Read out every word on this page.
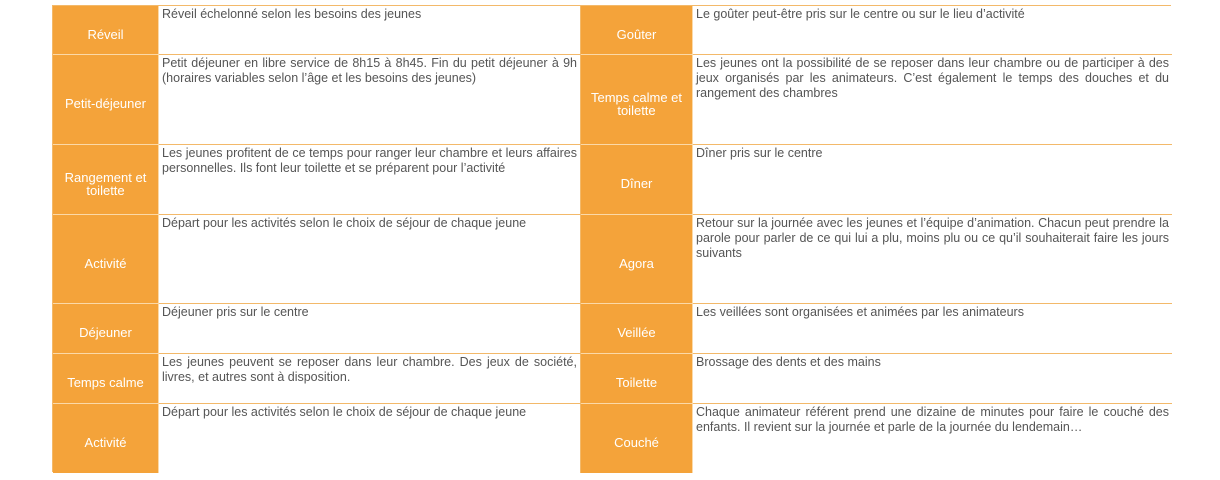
Réveil
Réveil échelonné selon les besoins des jeunes
Goûter
Le goûter peut-être pris sur le centre ou sur le lieu d’activité
Petit-déjeuner
Petit déjeuner en libre service de 8h15 à 8h45. Fin du petit déjeuner à 9h (horaires variables selon l’âge et les besoins des jeunes)
Temps calme et toilette
Les jeunes ont la possibilité de se reposer dans leur chambre ou de participer à des jeux organisés par les animateurs. C’est également le temps des douches et du rangement des chambres
Rangement et toilette
Les jeunes profitent de ce temps pour ranger leur chambre et leurs affaires personnelles. Ils font leur toilette et se préparent pour l’activité
Dîner
Dîner pris sur le centre
Activité
Départ pour les activités selon le choix de séjour de chaque jeune
Agora
Retour sur la journée avec les jeunes et l’équipe d’animation. Chacun peut prendre la parole pour parler de ce qui lui a plu, moins plu ou ce qu’il souhaiterait faire les jours suivants
Déjeuner
Déjeuner pris sur le centre
Veillée
Les veillées sont organisées et animées par les animateurs
Temps calme
Les jeunes peuvent se reposer dans leur chambre. Des jeux de société, livres, et autres sont à disposition.	Toilette
Brossage des dents et des mains
Activité
Départ pour les activités selon le choix de séjour de chaque jeune
Couché
Chaque animateur référent prend une dizaine de minutes pour faire le couché des enfants. Il revient sur la journée et parle de la journée du lendemain…
